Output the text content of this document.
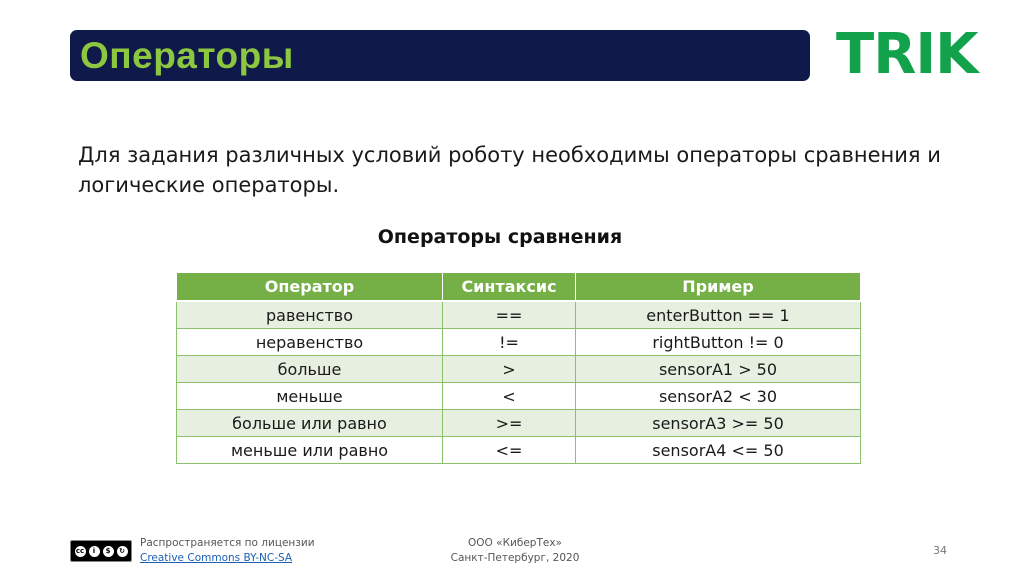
Операторы	TRIK
Для задания различных условий роботу необходимы операторы сравнения и логические операторы.
Операторы сравнения
Оператор	Синтаксис	Пример
равенство	==	enterButton == 1
неравенство	!=	rightButton != 0
больше	>	sensorA1 > 50
меньше	<	sensorA2 < 30
больше или равно	>=	sensorA3 >= 50
меньше или равно	<=	sensorA4 <= 50
cc	i	$	↻
Распространяется по лицензии
Creative Commons BY-NC-SA
ООО «КиберТех»
Санкт-Петербург, 2020
34
